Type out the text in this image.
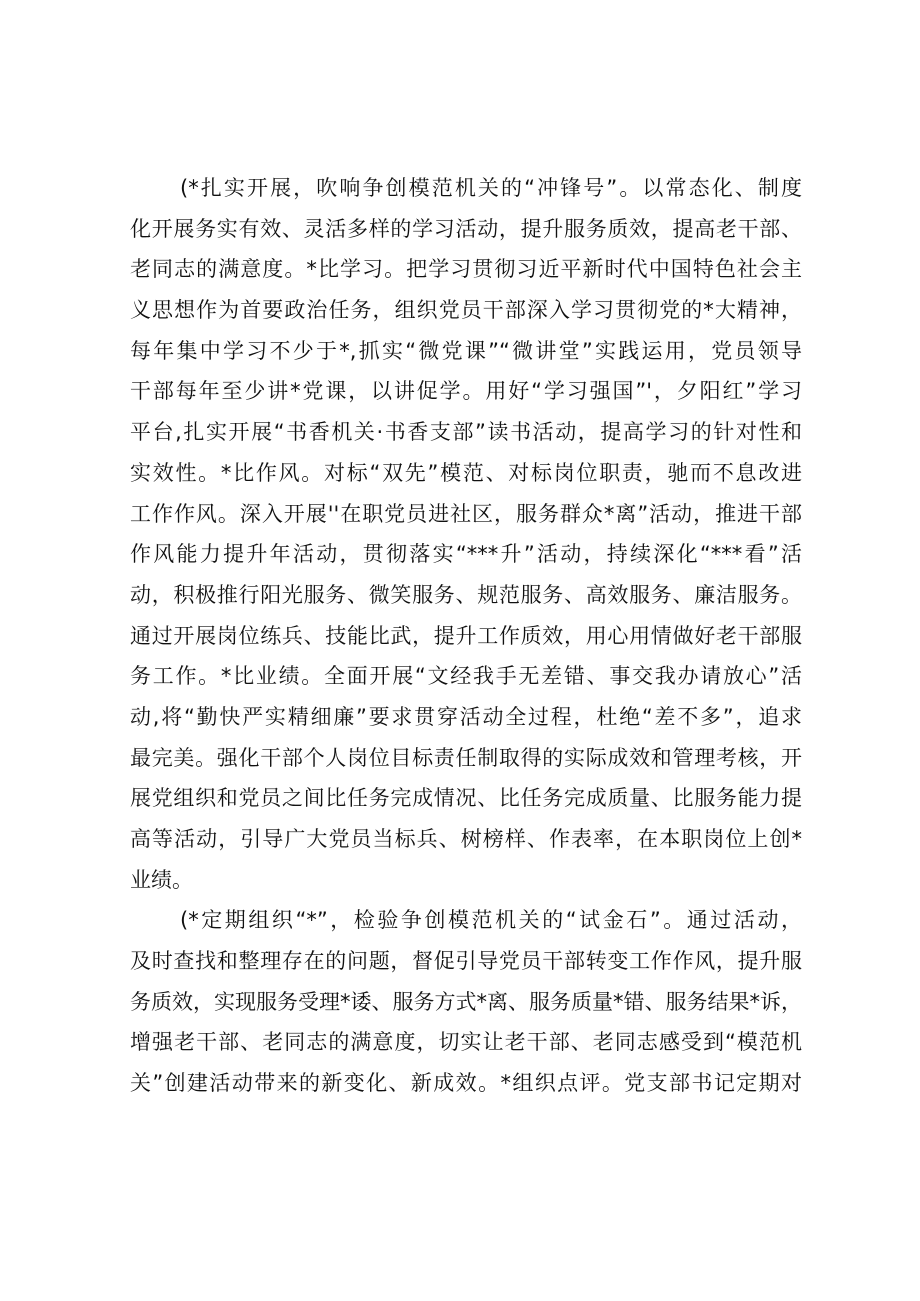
(*扎实开展，吹响争创模范机关的“冲锋号”。以常态化、制度
化开展务实有效、灵活多样的学习活动，提升服务质效，提高老干部、
老同志的满意度。*比学习。把学习贯彻习近平新时代中国特色社会主
义思想作为首要政治任务，组织党员干部深入学习贯彻党的*大精神，
每年集中学习不少于*,抓实“微党课”“微讲堂”实践运用，党员领导
干部每年至少讲*党课，以讲促学。用好“学习强国”'，夕阳红”学习
平台,扎实开展“书香机关·书香支部”读书活动，提高学习的针对性和
实效性。*比作风。对标“双先”模范、对标岗位职责，驰而不息改进
工作作风。深入开展''在职党员进社区，服务群众*离”活动，推进干部
作风能力提升年活动，贯彻落实“***升”活动，持续深化“***看”活
动，积极推行阳光服务、微笑服务、规范服务、高效服务、廉洁服务。
通过开展岗位练兵、技能比武，提升工作质效，用心用情做好老干部服
务工作。*比业绩。全面开展“文经我手无差错、事交我办请放心”活
动,将“勤快严实精细廉”要求贯穿活动全过程，杜绝“差不多”，追求
最完美。强化干部个人岗位目标责任制取得的实际成效和管理考核，开
展党组织和党员之间比任务完成情况、比任务完成质量、比服务能力提
高等活动，引导广大党员当标兵、树榜样、作表率，在本职岗位上创*
业绩。
(*定期组织“*”，检验争创模范机关的“试金石”。通过活动，
及时查找和整理存在的问题，督促引导党员干部转变工作作风，提升服
务质效，实现服务受理*诿、服务方式*离、服务质量*错、服务结果*诉，
增强老干部、老同志的满意度，切实让老干部、老同志感受到“模范机
关”创建活动带来的新变化、新成效。*组织点评。党支部书记定期对
